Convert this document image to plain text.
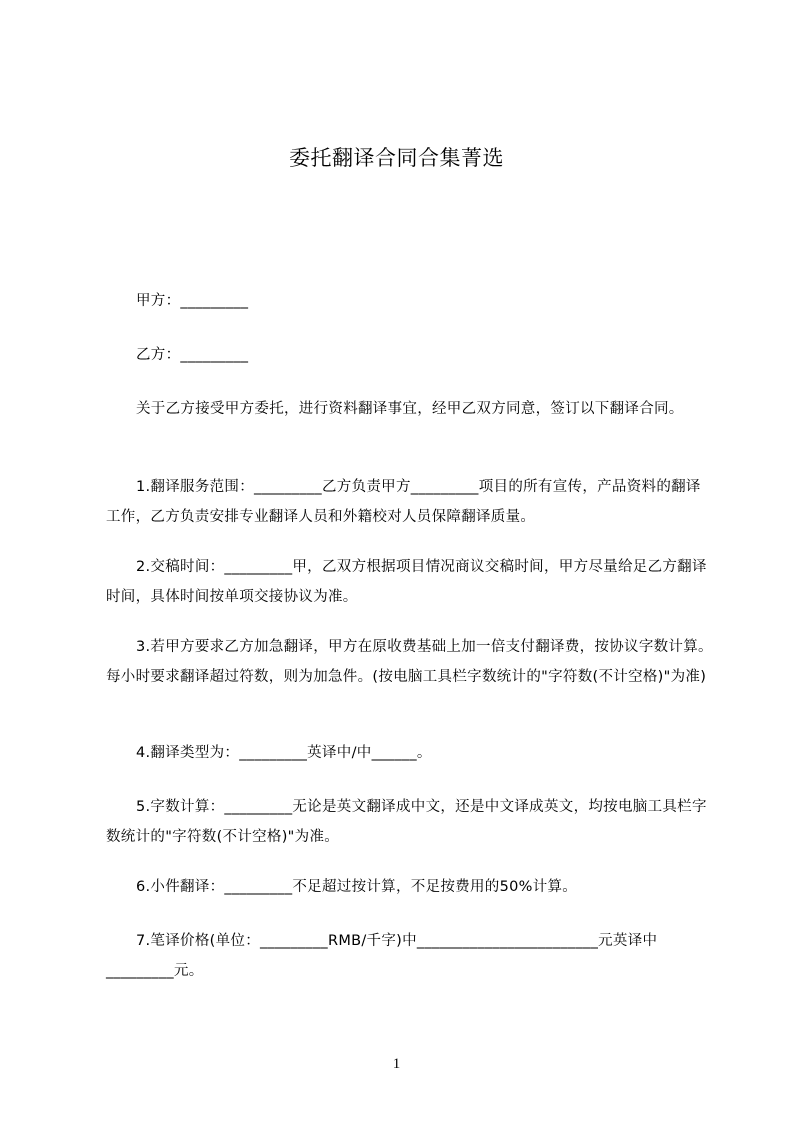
委托翻译合同合集菁选

甲方：_________

乙方：_________

关于乙方接受甲方委托，进行资料翻译事宜，经甲乙双方同意，签订以下翻译合同。

1.翻译服务范围：_________乙方负责甲方_________项目的所有宣传，产品资料的翻译工作，乙方负责安排专业翻译人员和外籍校对人员保障翻译质量。

2.交稿时间：_________甲，乙双方根据项目情况商议交稿时间，甲方尽量给足乙方翻译时间，具体时间按单项交接协议为准。

3.若甲方要求乙方加急翻译，甲方在原收费基础上加一倍支付翻译费，按协议字数计算。每小时要求翻译超过符数，则为加急件。(按电脑工具栏字数统计的"字符数(不计空格)"为准)

4.翻译类型为：_________英译中/中______。

5.字数计算：_________无论是英文翻译成中文，还是中文译成英文，均按电脑工具栏字数统计的"字符数(不计空格)"为准。

6.小件翻译：_________不足超过按计算，不足按费用的50%计算。

7.笔译价格(单位：_________RMB/千字)中________________________元英译中_________元。

1
